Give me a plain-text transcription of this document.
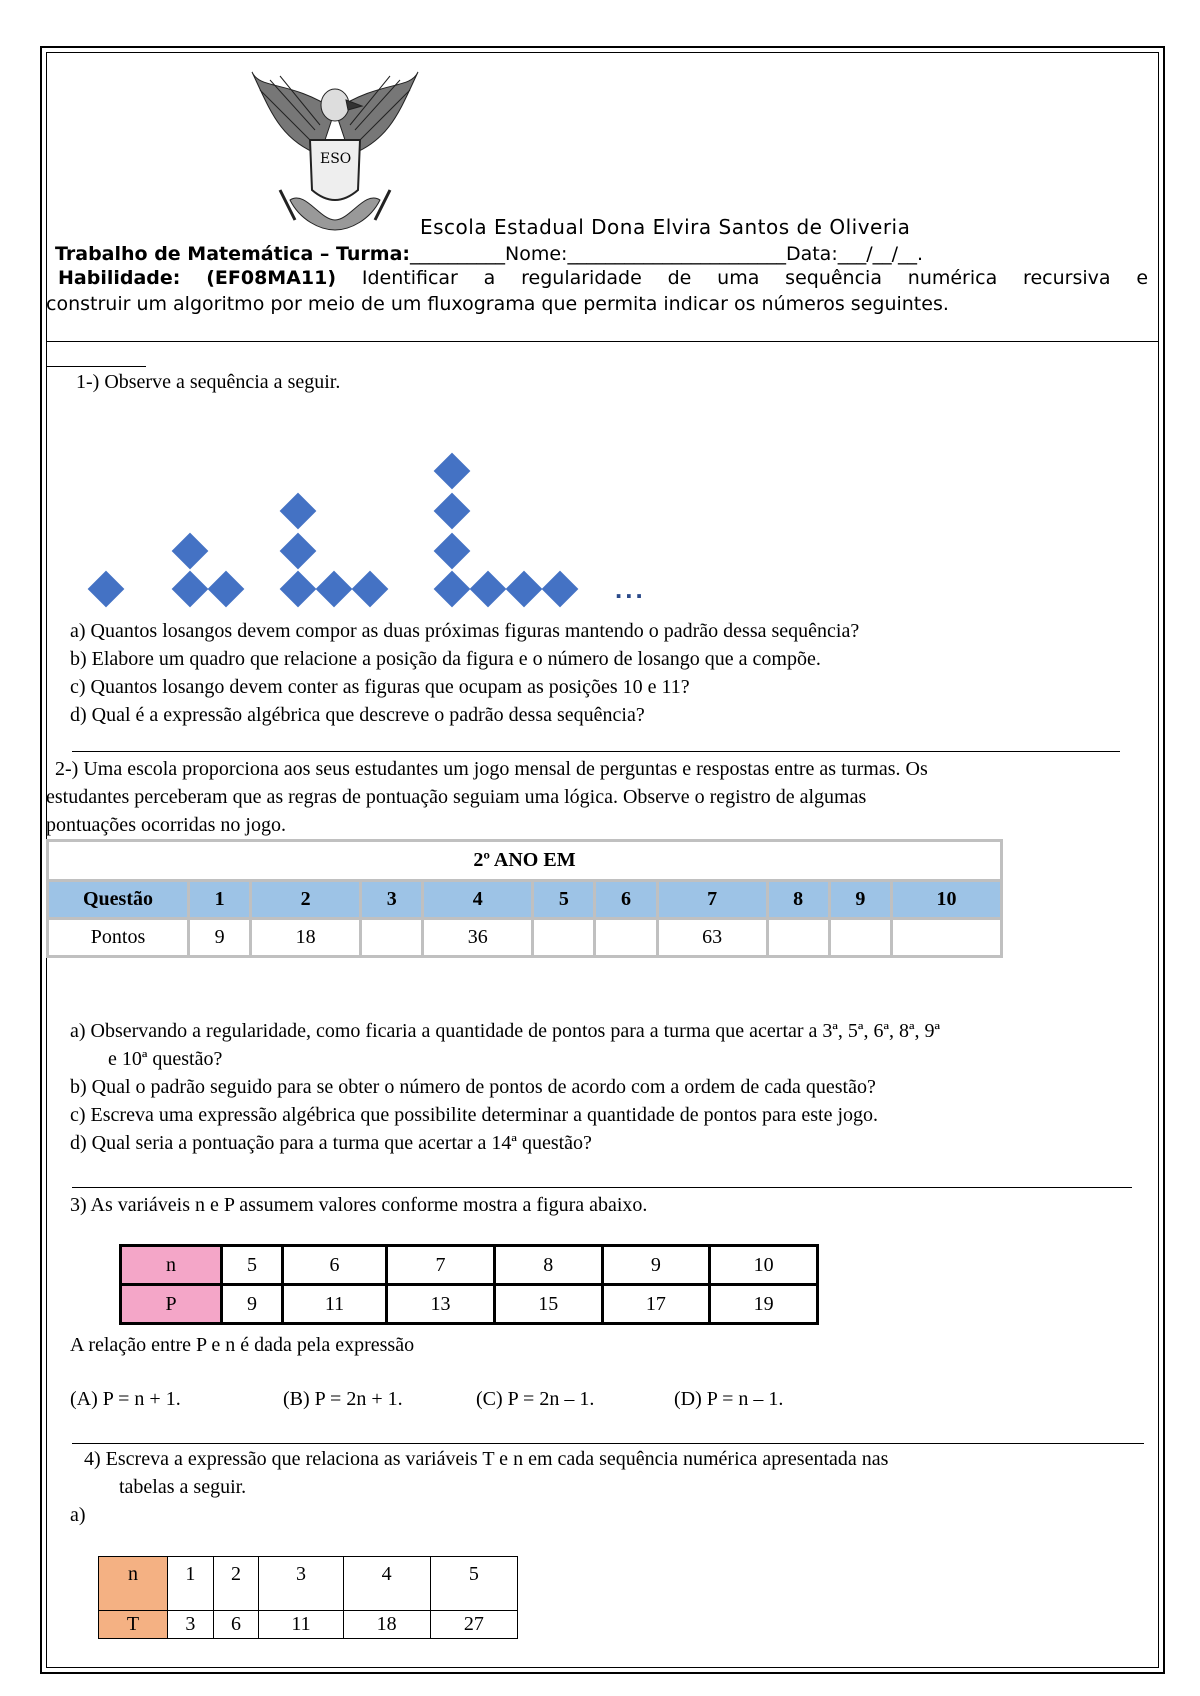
ESO
Escola Estadual Dona Elvira Santos de Oliveria
Trabalho de Matemática – Turma:__________Nome:_______________________Data:___/__/__.
Habilidade: (EF08MA11) Identificar a regularidade de uma sequência numérica recursiva e
construir um algoritmo por meio de um fluxograma que permita indicar os números seguintes.
1-) Observe a sequência a seguir.
...
a) Quantos losangos devem compor as duas próximas figuras mantendo o padrão dessa sequência?
b) Elabore um quadro que relacione a posição da figura e o número de losango que a compõe.
c) Quantos losango devem conter as figuras que ocupam as posições 10 e 11?
d) Qual é a expressão algébrica que descreve o padrão dessa sequência?
2-) Uma escola proporciona aos seus estudantes um jogo mensal de perguntas e respostas entre as turmas. Os
estudantes perceberam que as regras de pontuação seguiam uma lógica. Observe o registro de algumas
pontuações ocorridas no jogo.
2º ANO EM										
Questão	1	2	3	4	5	6	7	8	9	10
Pontos	9	18		36			63			
a) Observando a regularidade, como ficaria a quantidade de pontos para a turma que acertar a 3ª, 5ª, 6ª, 8ª, 9ª
e 10ª questão?
b) Qual o padrão seguido para se obter o número de pontos de acordo com a ordem de cada questão?
c) Escreva uma expressão algébrica que possibilite determinar a quantidade de pontos para este jogo.
d) Qual seria a pontuação para a turma que acertar a 14ª questão?
3) As variáveis n e P assumem valores conforme mostra a figura abaixo.
n	5	6	7	8	9	10
P	9	11	13	15	17	19
A relação entre P e n é dada pela expressão
(A) P = n + 1.	(B) P = 2n + 1.	(C) P = 2n – 1.	(D) P = n – 1.
4) Escreva a expressão que relaciona as variáveis T e n em cada sequência numérica apresentada nas
tabelas a seguir.
a)
n	1	2	3	4	5
T	3	6	11	18	27
